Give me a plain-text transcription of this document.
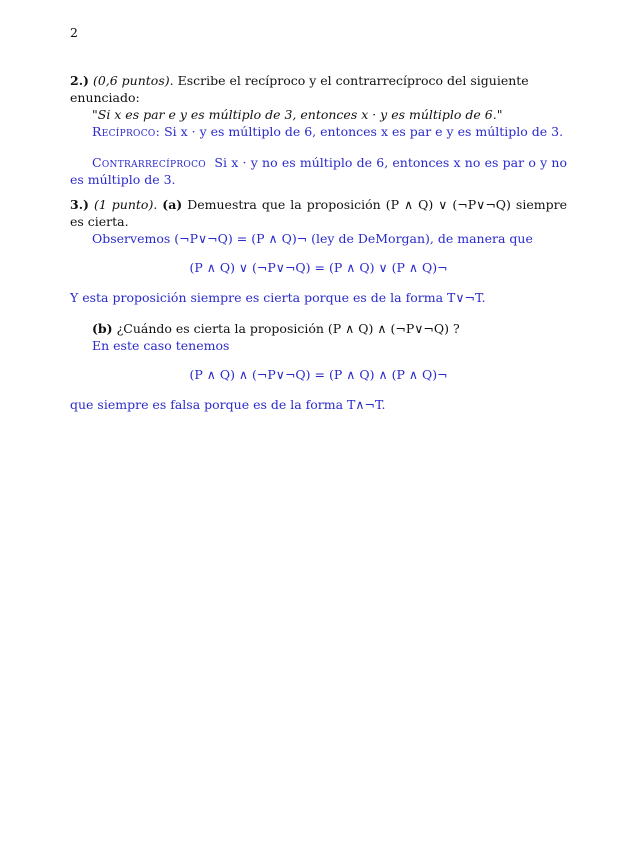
2
2.) (0,6 puntos). Escribe el recíproco y el contrarrecíproco del siguiente enunciado:
"Si x es par e y es múltiplo de 3, entonces x · y es múltiplo de 6."
Recíproco: Si x · y es múltiplo de 6, entonces x es par e y es múltiplo de 3.
Contrarrecíproco Si x · y no es múltiplo de 6, entonces x no es par o y no es múltiplo de 3.
3.) (1 punto). (a) Demuestra que la proposición (P ∧ Q) ∨ (¬P∨¬Q) siempre es cierta.
Observemos (¬P∨¬Q) = (P ∧ Q)¬ (ley de DeMorgan), de manera que
(P ∧ Q) ∨ (¬P∨¬Q) = (P ∧ Q) ∨ (P ∧ Q)¬
Y esta proposición siempre es cierta porque es de la forma T∨¬T.
(b) ¿Cuándo es cierta la proposición (P ∧ Q) ∧ (¬P∨¬Q) ?
En este caso tenemos
(P ∧ Q) ∧ (¬P∨¬Q) = (P ∧ Q) ∧ (P ∧ Q)¬
que siempre es falsa porque es de la forma T∧¬T.
